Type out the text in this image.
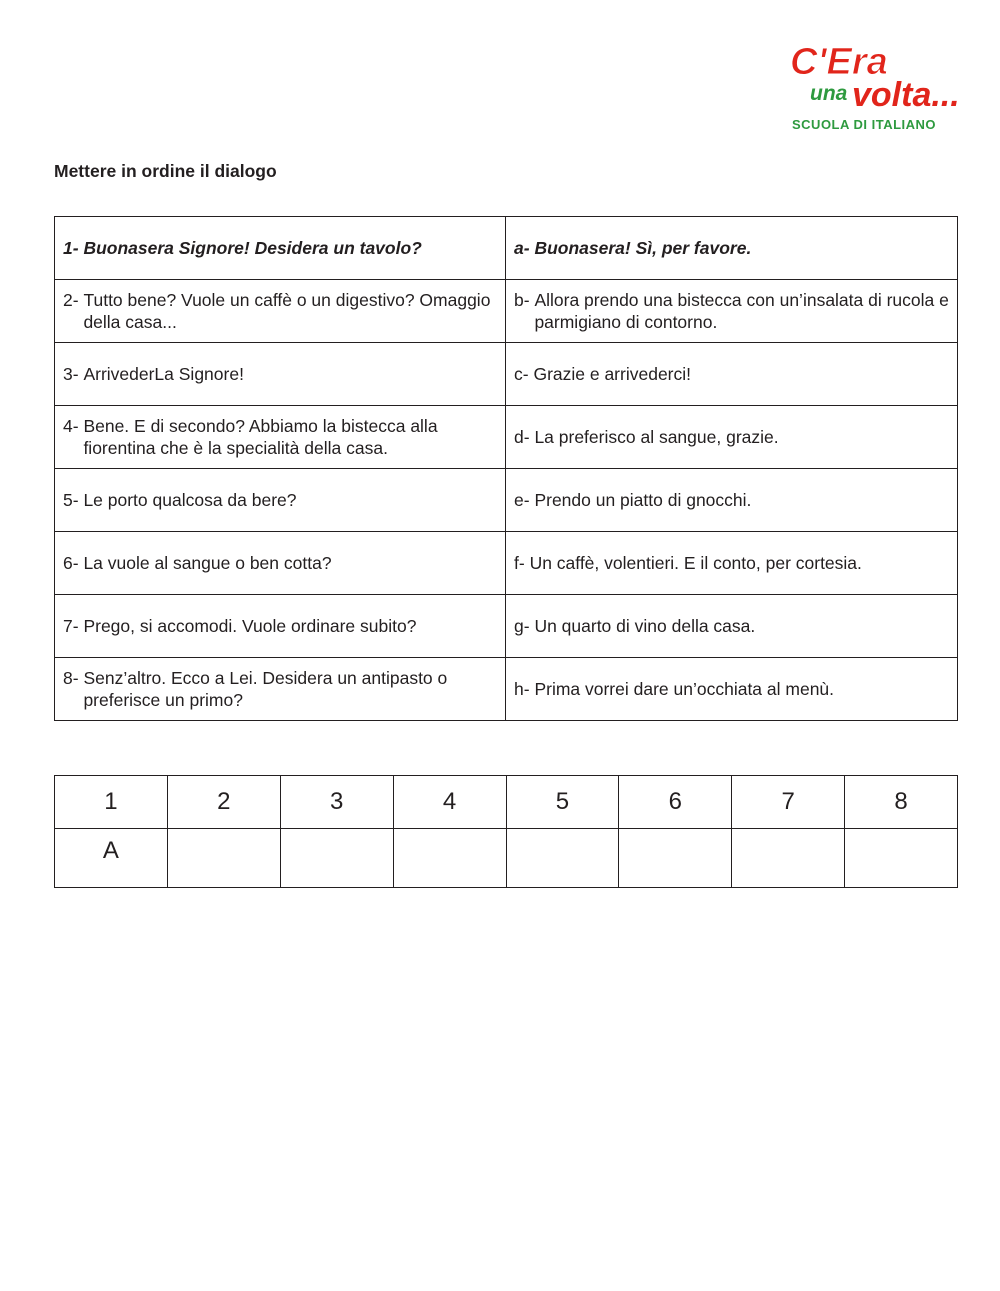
C'Era
una volta...
SCUOLA DI ITALIANO
Mettere in ordine il dialogo
1- Buonasera Signore! Desidera un tavolo?	a- Buonasera! Sì, per favore.

2- Tutto bene? Vuole un caffè o un digestivo? Omaggio della casa...	b- Allora prendo una bistecca con un’insalata di rucola e parmigiano di contorno.

3- ArrivederLa Signore!	c- Grazie e arrivederci!

4- Bene. E di secondo? Abbiamo la bistecca alla fiorentina che è la specialità della casa.	d- La preferisco al sangue, grazie.

5- Le porto qualcosa da bere?	e- Prendo un piatto di gnocchi.

6- La vuole al sangue o ben cotta?	f- Un caffè, volentieri. E il conto, per cortesia.

7- Prego, si accomodi. Vuole ordinare subito?	g- Un quarto di vino della casa.

8- Senz’altro. Ecco a Lei. Desidera un antipasto o preferisce un primo?	h- Prima vorrei dare un’occhiata al menù.
1	2	3	4	5	6	7	8
A							
